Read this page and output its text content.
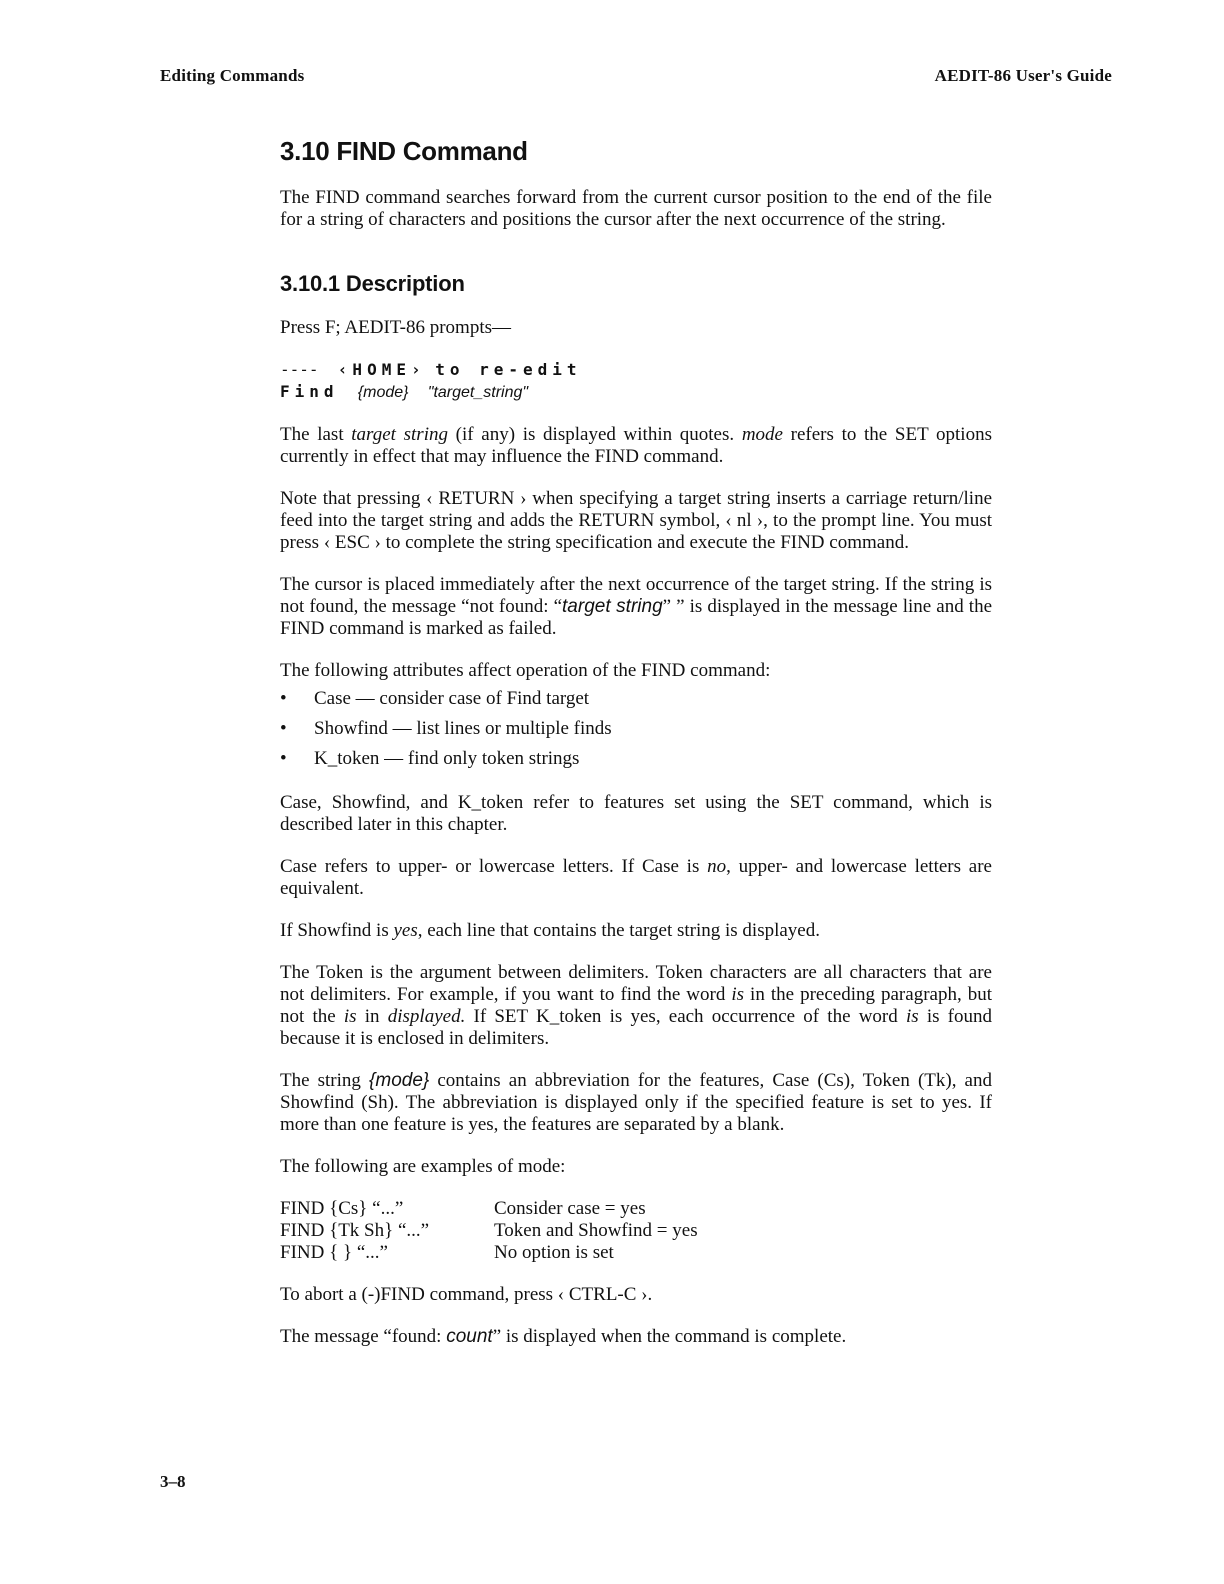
Editing Commands	AEDIT-86 User's Guide
3.10 FIND Command

The FIND command searches forward from the current cursor position to the end of the file for a string of characters and positions the cursor after the next occurrence of the string.

3.10.1 Description

Press F; AEDIT-86 prompts—

---- ‹HOME› to re-edit
Find {mode} "target_string"

The last target string (if any) is displayed within quotes. mode refers to the SET options currently in effect that may influence the FIND command.

Note that pressing ‹ RETURN › when specifying a target string inserts a carriage return/line feed into the target string and adds the RETURN symbol, ‹ nl ›, to the prompt line. You must press ‹ ESC › to complete the string specification and execute the FIND command.

The cursor is placed immediately after the next occurrence of the target string. If the string is not found, the message “not found: “target string” ” is displayed in the message line and the FIND command is marked as failed.

The following attributes affect operation of the FIND command:

• Case — consider case of Find target
• Showfind — list lines or multiple finds
• K_token — find only token strings

Case, Showfind, and K_token refer to features set using the SET command, which is described later in this chapter.

Case refers to upper- or lowercase letters. If Case is no, upper- and lowercase letters are equivalent.

If Showfind is yes, each line that contains the target string is displayed.

The Token is the argument between delimiters. Token characters are all characters that are not delimiters. For example, if you want to find the word is in the preceding paragraph, but not the is in displayed. If SET K_token is yes, each occurrence of the word is is found because it is enclosed in delimiters.

The string {mode} contains an abbreviation for the features, Case (Cs), Token (Tk), and Showfind (Sh). The abbreviation is displayed only if the specified feature is set to yes. If more than one feature is yes, the features are separated by a blank.

The following are examples of mode:

FIND {Cs} “...”	Consider case = yes
FIND {Tk Sh} “...”	Token and Showfind = yes
FIND { } “...”	No option is set

To abort a (-)FIND command, press ‹ CTRL-C ›.

The message “found: count” is displayed when the command is complete.

3–8
